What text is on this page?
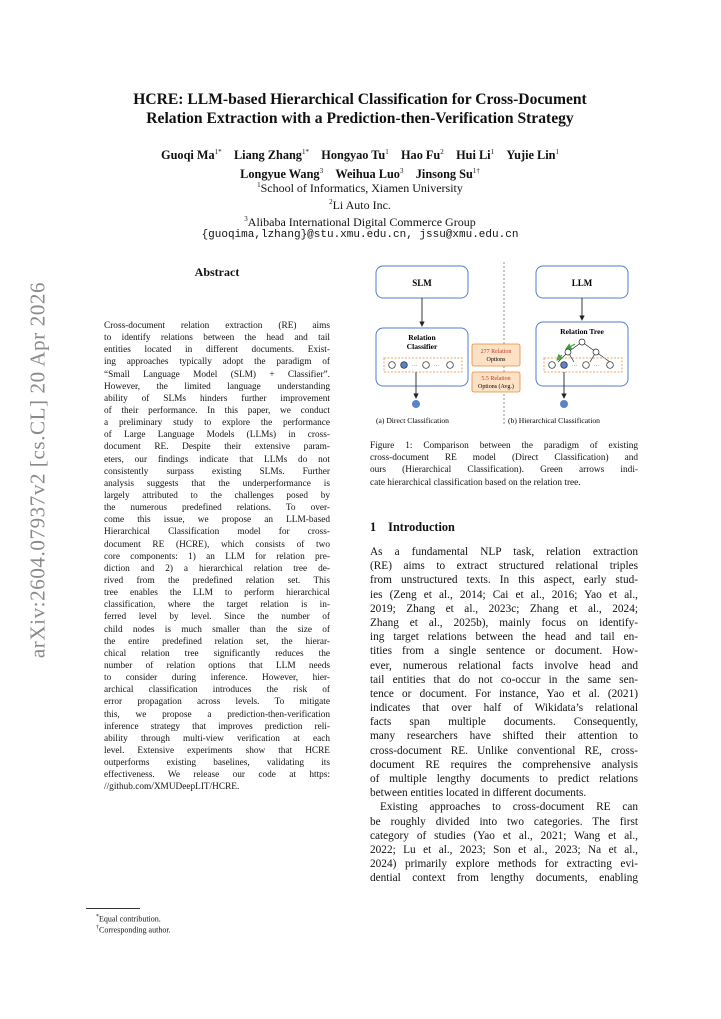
arXiv:2604.07937v2 [cs.CL] 20 Apr 2026
HCRE: LLM-based Hierarchical Classification for Cross-Document
Relation Extraction with a Prediction-then-Verification Strategy
Guoqi $Ma^{1*}$  Liang Zhang$^{1*}$  Hongyao Tu$^1$  Hao Fu$^2$  Hui Li$^1$  Yujie Lin$^1$
Longyue Wang$^3$  Weihua Luo$^3$  Jinsong $Su^{1\dagger}$
$^1$School of Informatics, Xiamen University
$^2$Li Auto Inc.
$^3$Alibaba International Digital Commerce Group
{guoqima,lzhang}@stu.xmu.edu.cn, jssu@xmu.edu.cn
Abstract
Cross-document relation extraction (RE) aims
to identify relations between the head and tail
entities located in different documents. Exist-
ing approaches typically adopt the paradigm of
“Small Language Model (SLM) + Classifier”.
However, the limited language understanding
ability of SLMs hinders further improvement
of their performance. In this paper, we conduct
a preliminary study to explore the performance
of Large Language Models (LLMs) in cross-
document RE. Despite their extensive param-
eters, our findings indicate that LLMs do not
consistently surpass existing SLMs. Further
analysis suggests that the underperformance is
largely attributed to the challenges posed by
the numerous predefined relations. To over-
come this issue, we propose an LLM-based
Hierarchical Classification model for cross-
document RE (HCRE), which consists of two
core components: 1) an LLM for relation pre-
diction and 2) a hierarchical relation tree de-
rived from the predefined relation set. This
tree enables the LLM to perform hierarchical
classification, where the target relation is in-
ferred level by level. Since the number of
child nodes is much smaller than the size of
the entire predefined relation set, the hierar-
chical relation tree significantly reduces the
number of relation options that LLM needs
to consider during inference. However, hier-
archical classification introduces the risk of
error propagation across levels. To mitigate
this, we propose a prediction-then-verification
inference strategy that improves prediction reli-
ability through multi-view verification at each
level. Extensive experiments show that HCRE
outperforms existing baselines, validating its
effectiveness. We release our code at https:
//github.com/XMUDeepLIT/HCRE.
*Equal contribution.
†Corresponding author.
SLM
Relation
Classifier
···	···
277 Relation
Options
5.5 Relation
Options (Avg.)
LLM
Relation Tree
···	···
(a) Direct Classification	(b) Hierarchical Classification
Figure 1: Comparison between the paradigm of existing
cross-document RE model (Direct Classification) and
ours (Hierarchical Classification). Green arrows indi-
cate hierarchical classification based on the relation tree.
1 Introduction
As a fundamental NLP task, relation extraction
(RE) aims to extract structured relational triples
from unstructured texts. In this aspect, early stud-
ies (Zeng et al., 2014; Cai et al., 2016; Yao et al.,
2019; Zhang et al., 2023c; Zhang et al., 2024;
Zhang et al., 2025b), mainly focus on identify-
ing target relations between the head and tail en-
tities from a single sentence or document. How-
ever, numerous relational facts involve head and
tail entities that do not co-occur in the same sen-
tence or document. For instance, Yao et al. (2021)
indicates that over half of Wikidata’s relational
facts span multiple documents. Consequently,
many researchers have shifted their attention to
cross-document RE. Unlike conventional RE, cross-
document RE requires the comprehensive analysis
of multiple lengthy documents to predict relations
between entities located in different documents.
Existing approaches to cross-document RE can
be roughly divided into two categories. The first
category of studies (Yao et al., 2021; Wang et al.,
2022; Lu et al., 2023; Son et al., 2023; Na et al.,
2024) primarily explore methods for extracting evi-
dential context from lengthy documents, enabling
